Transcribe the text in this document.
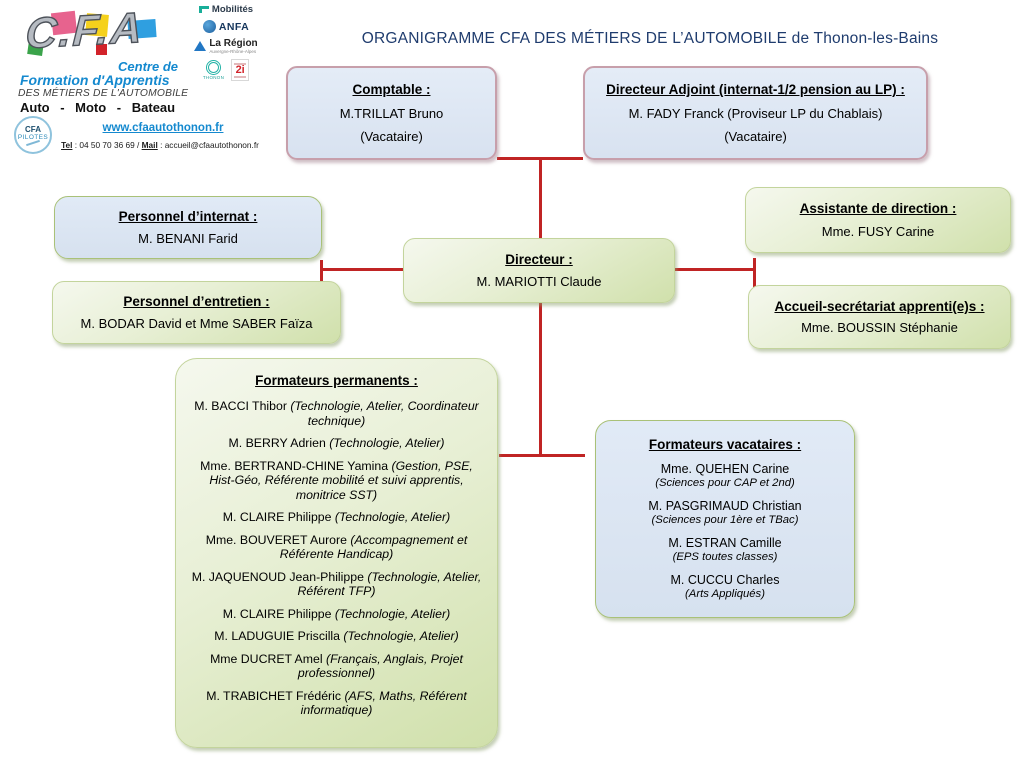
C.F.A
Centre de
Formation d'Apprentis
DES MÉTIERS DE L'AUTOMOBILE
Auto - Moto - Bateau
Mobilités
ANFA
La Région
Auvergne-Rhône-Alpes
THONON
2i
CFA
PILOTES
www.cfaautothonon.fr
Tel : 04 50 70 36 69 / Mail : accueil@cfaautothonon.fr
ORGANIGRAMME CFA DES MÉTIERS DE L’AUTOMOBILE de Thonon-les-Bains
Comptable :
M.TRILLAT Bruno
(Vacataire)
Directeur Adjoint (internat-1/2 pension au LP) :
M. FADY Franck (Proviseur LP du Chablais)
(Vacataire)
Personnel d’internat :
M. BENANI Farid
Personnel d’entretien :
M. BODAR David et Mme SABER Faïza
Directeur :
M. MARIOTTI Claude
Assistante de direction :
Mme. FUSY Carine
Accueil-secrétariat apprenti(e)s :
Mme. BOUSSIN Stéphanie
Formateurs permanents :
M. BACCI Thibor (Technologie, Atelier, Coordinateur technique)
M. BERRY Adrien (Technologie, Atelier)
Mme. BERTRAND-CHINE Yamina (Gestion, PSE, Hist-Géo, Référente mobilité et suivi apprentis, monitrice SST)
M. CLAIRE Philippe (Technologie, Atelier)
Mme. BOUVERET Aurore (Accompagnement et Référente Handicap)
M. JAQUENOUD Jean-Philippe (Technologie, Atelier, Référent TFP)
M. CLAIRE Philippe (Technologie, Atelier)
M. LADUGUIE Priscilla (Technologie, Atelier)
Mme DUCRET Amel (Français, Anglais, Projet professionnel)
M. TRABICHET Frédéric (AFS, Maths, Référent informatique)
Formateurs vacataires :
Mme. QUEHEN Carine
(Sciences pour CAP et 2nd)
M. PASGRIMAUD Christian
(Sciences pour 1ère et TBac)
M. ESTRAN Camille
(EPS toutes classes)
M. CUCCU Charles
(Arts Appliqués)
